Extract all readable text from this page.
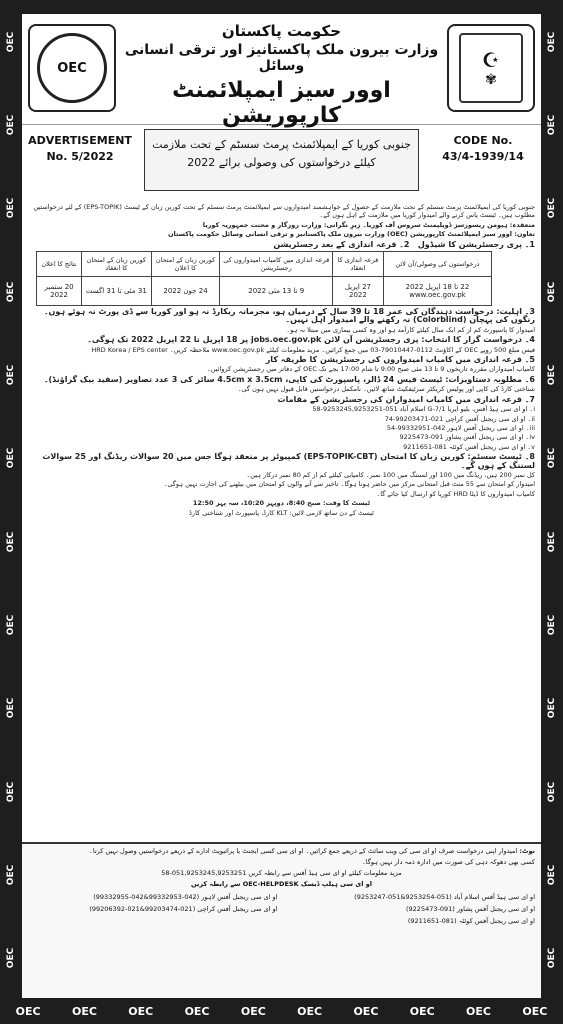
OEC
OEC
OEC
OEC
OEC
OEC
OEC
OEC
OEC
OEC
OEC
OEC
OEC
OEC
OEC
OEC
OEC
OEC
OEC
OEC
OEC
OEC
OEC
OEC
OEC	OEC	OEC	OEC	OEC	OEC	OEC	OEC	OEC	OEC
OEC
حکومت پاکستان
وزارت بیرون ملک پاکستانیز اور ترقی انسانی وسائل
اوور سیز ایمپلائمنٹ کارپوریشن
☪
✾
ADVERTISEMENT
No. 5/2022
جنوبی کوریا کے ایمپلائمنٹ پرمٹ سسٹم کے تحت ملازمت
کیلئے درخواستوں کی وصولی برائے 2022
CODE No.
43/4-1939/14

جنوبی کوریا کی ایمپلائمنٹ پرمٹ سسٹم کے تحت ملازمت کے حصول کے خواہشمند امیدواروں سے ایمپلائمنٹ پرمٹ سسٹم کے تحت کورین زبان کے ٹیسٹ (EPS-TOPIK) کے لئے درخواستیں مطلوب ہیں۔ ٹیسٹ پاس کرنے والے امیدوار کوریا میں ملازمت کے اہل ہوں گے۔

منعقدہ: ہیومن ریسورسز ڈویلپمنٹ سروس آف کوریا۔ زیرِ نگرانی: وزارت روزگار و محنت جمہوریہ کوریا

تعاون: اوور سیز ایمپلائمنٹ کارپوریشن (OEC) وزارت بیرون ملک پاکستانیز و ترقی انسانی وسائل حکومت پاکستان

1۔ پری رجسٹریشن کا شیڈول   2۔ قرعہ اندازی کے بعد رجسٹریشن

درخواستوں کی وصولی/آن لائن	قرعہ اندازی کا انعقاد	قرعہ اندازی میں کامیاب امیدواروں کی رجسٹریشن	کورین زبان کے امتحان کا اعلان	کورین زبان کے امتحان کا انعقاد	نتائج کا اعلان
22 تا 18 اپریل 2022 www.oec.gov.pk	27 اپریل 2022	9 تا 13 مئی 2022	24 جون 2022	31 مئی تا 31 اگست	20 ستمبر 2022

3۔ اہلیت: درخواست دہندگان کی عمر 18 تا 39 سال کے درمیان ہو، مجرمانہ ریکارڈ نہ ہو اور کوریا سے ڈی پورٹ نہ ہوئے ہوں۔ رنگوں کی پہچان (Colorblind) نہ رکھنے والے امیدوار اہل نہیں۔

امیدوار کا پاسپورٹ کم از کم ایک سال کیلئے کارآمد ہو اور وہ کسی بیماری میں مبتلا نہ ہو۔

4۔ درخواست گزار کا انتخاب: پری رجسٹریشن آن لائن jobs.oec.gov.pk پر 18 اپریل تا 22 اپریل 2022 تک ہوگی۔

فیس مبلغ 500 روپے OEC کے اکاؤنٹ 0112-79010447-03 میں جمع کرائیں۔ مزید معلومات کیلئے www.oec.gov.pk ملاحظہ کریں۔ HRD Korea / EPS center

5۔ قرعہ اندازی میں کامیاب امیدواروں کی رجسٹریشن کا طریقہ کار

کامیاب امیدواران مقررہ تاریخوں 9 تا 13 مئی صبح 9:00 تا شام 17:00 بجے تک OEC کے دفاتر میں رجسٹریشن کروائیں۔

6۔ مطلوبہ دستاویزات: ٹیسٹ فیس 24 ڈالر، پاسپورٹ کی کاپی، 4.5cm x 3.5cm سائز کی 3 عدد تصاویر (سفید بیک گراؤنڈ)۔

شناختی کارڈ کی کاپی اور پولیس کریکٹر سرٹیفکیٹ ساتھ لائیں۔ نامکمل درخواستیں قابل قبول نہیں ہوں گی۔

7۔ قرعہ اندازی میں کامیاب امیدواران کی رجسٹریشن کے مقامات

i۔ او ای سی ہیڈ آفس، بلیو ایریا G-7/1 اسلام آباد 051-9253245,9253251-58

ii۔ او ای سی ریجنل آفس کراچی 021-99203471-74

iii۔ او ای سی ریجنل آفس لاہور 042-99332951-54

iv۔ او ای سی ریجنل آفس پشاور 091-9225473

v۔ او ای سی ریجنل آفس کوئٹہ 081-9211651

8۔ ٹیسٹ سسٹم: کورین زبان کا امتحان (EPS-TOPIK-CBT) کمپیوٹر پر منعقد ہوگا جس میں 20 سوالات ریڈنگ اور 25 سوالات لسننگ کے ہوں گے۔

کل نمبر 200 ہیں، ریڈنگ میں 100 اور لسننگ میں 100 نمبر۔ کامیابی کیلئے کم از کم 80 نمبر درکار ہیں۔

امیدوار کو امتحان سے 55 منٹ قبل امتحانی مرکز میں حاضر ہونا ہوگا۔ تاخیر سے آنے والوں کو امتحان میں بیٹھنے کی اجازت نہیں ہوگی۔

کامیاب امیدواروں کا ڈیٹا HRD کوریا کو ارسال کیا جائے گا۔

ٹیسٹ کا وقت: صبح 8:40، دوپہر 10:20، سہ پہر 12:50

ٹیسٹ کے دن ساتھ لازمی لائیں: KLT کارڈ، پاسپورٹ اور شناختی کارڈ

نوٹ: امیدوار اپنی درخواست صرف او ای سی کی ویب سائٹ کے ذریعے جمع کرائیں۔ او ای سی کسی ایجنٹ یا پرائیویٹ ادارے کے ذریعے درخواستیں وصول نہیں کرتا۔

کسی بھی دھوکہ دہی کی صورت میں ادارہ ذمہ دار نہیں ہوگا۔

مزید معلومات کیلئے او ای سی ہیڈ آفس سے رابطہ کریں 051,9253245,9253251-58

او ای سی ہیلپ ڈیسک OEC-HELPDESK سے رابطہ کریں

او ای سی ہیڈ آفس اسلام آباد (051-9253254&051-9253247)
او ای سی ریجنل آفس لاہور (042-99332953&042-99332955)
او ای سی ریجنل آفس پشاور (091-9225473)
او ای سی ریجنل آفس کراچی (021-99203474&021-99206392)
او ای سی ریجنل آفس کوئٹہ (081-9211651)
